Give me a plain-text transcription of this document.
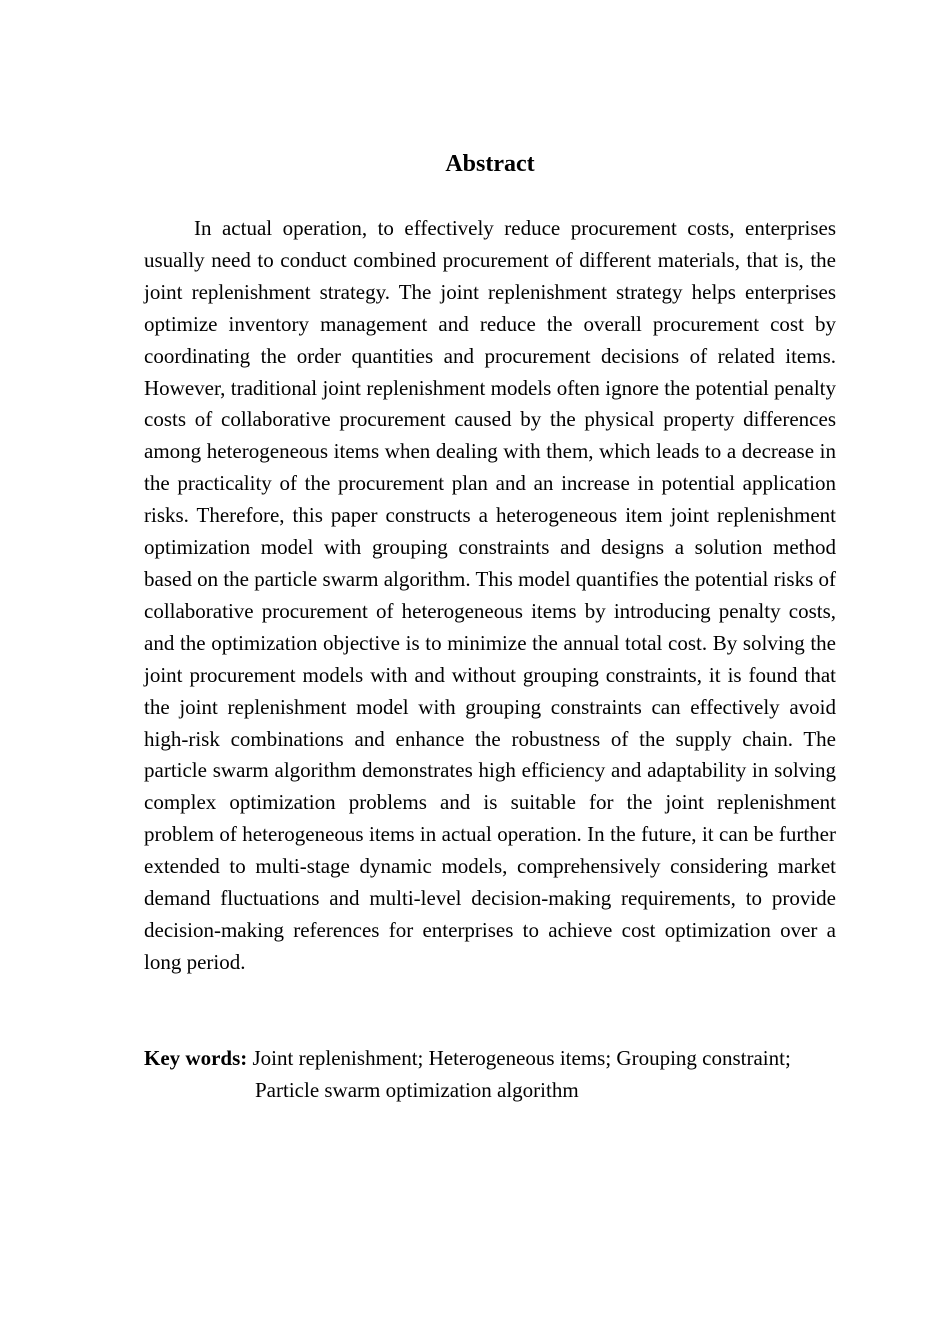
Abstract

In actual operation, to effectively reduce procurement costs, enterprises usually need to conduct combined procurement of different materials, that is, the joint replenishment strategy. The joint replenishment strategy helps enterprises optimize inventory management and reduce the overall procurement cost by coordinating the order quantities and procurement decisions of related items. However, traditional joint replenishment models often ignore the potential penalty costs of collaborative procurement caused by the physical property differences among heterogeneous items when dealing with them, which leads to a decrease in the practicality of the procurement plan and an increase in potential application risks. Therefore, this paper constructs a heterogeneous item joint replenishment optimization model with grouping constraints and designs a solution method based on the particle swarm algorithm. This model quantifies the potential risks of collaborative procurement of heterogeneous items by introducing penalty costs, and the optimization objective is to minimize the annual total cost. By solving the joint procurement models with and without grouping constraints, it is found that the joint replenishment model with grouping constraints can effectively avoid high-risk combinations and enhance the robustness of the supply chain. The particle swarm algorithm demonstrates high efficiency and adaptability in solving complex optimization problems and is suitable for the joint replenishment problem of heterogeneous items in actual operation. In the future, it can be further extended to multi-stage dynamic models, comprehensively considering market demand fluctuations and multi-level decision-making requirements, to provide decision-making references for enterprises to achieve cost optimization over a long period.

Key words: Joint replenishment; Heterogeneous items; Grouping constraint;
Particle swarm optimization algorithm
